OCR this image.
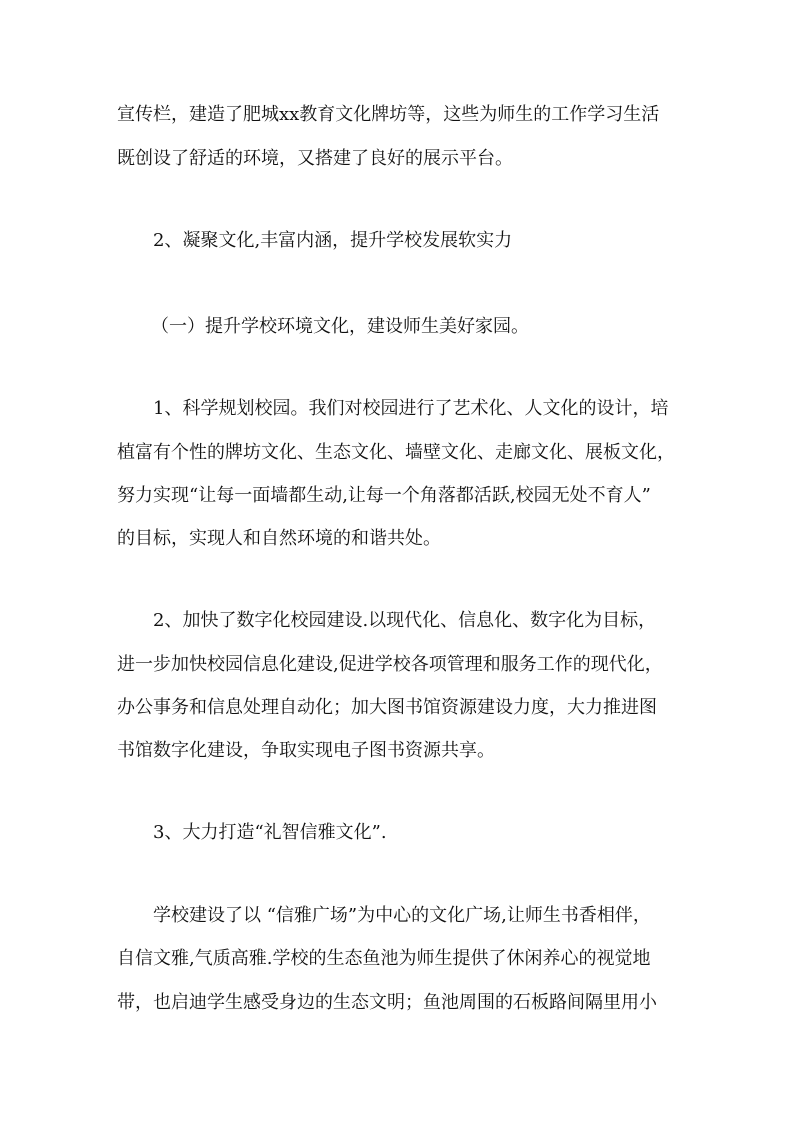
宣传栏，建造了肥城xx教育文化牌坊等，这些为师生的工作学习生活
既创设了舒适的环境，又搭建了良好的展示平台。
2、凝聚文化,丰富内涵，提升学校发展软实力
（一）提升学校环境文化，建设师生美好家园。
1、科学规划校园。我们对校园进行了艺术化、人文化的设计，培
植富有个性的牌坊文化、生态文化、墙壁文化、走廊文化、展板文化，
努力实现“让每一面墙都生动,让每一个角落都活跃,校园无处不育人”
的目标，实现人和自然环境的和谐共处。
2、加快了数字化校园建设.以现代化、信息化、数字化为目标，
进一步加快校园信息化建设,促进学校各项管理和服务工作的现代化，
办公事务和信息处理自动化；加大图书馆资源建设力度，大力推进图
书馆数字化建设，争取实现电子图书资源共享。
3、大力打造“礼智信雅文化”.
学校建设了以 “信雅广场”为中心的文化广场,让师生书香相伴，
自信文雅,气质高雅.学校的生态鱼池为师生提供了休闲养心的视觉地
带，也启迪学生感受身边的生态文明；鱼池周围的石板路间隔里用小
